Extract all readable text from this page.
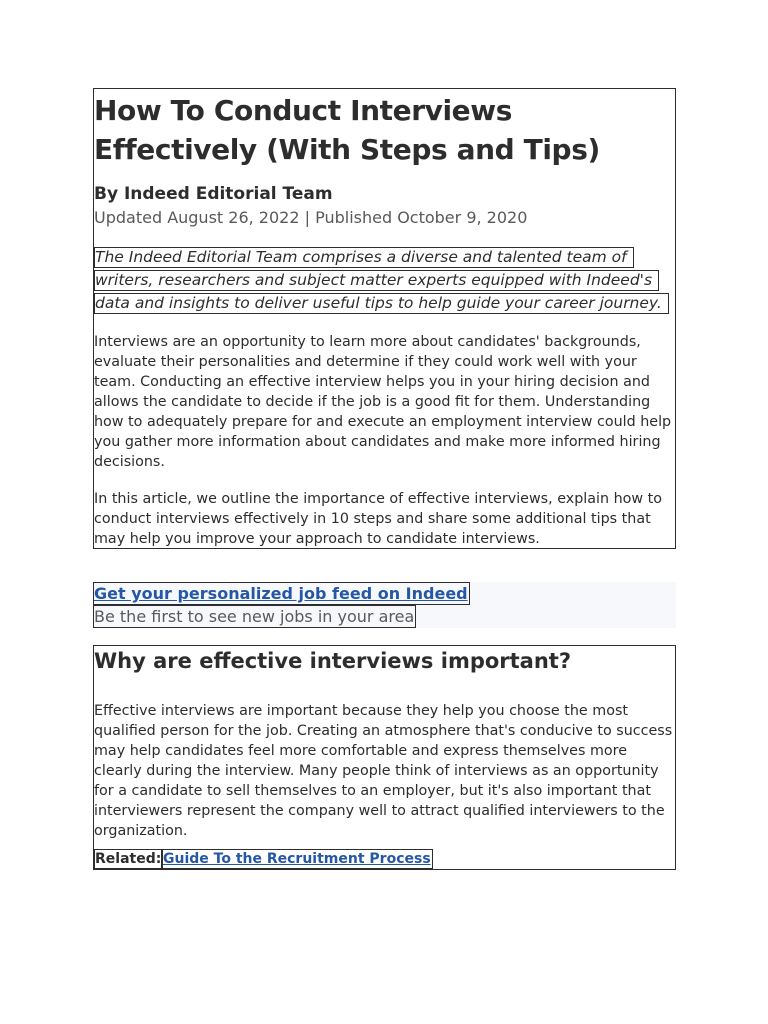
How To Conduct Interviews Effectively (With Steps and Tips)

By Indeed Editorial Team

Updated August 26, 2022 | Published October 9, 2020

The Indeed Editorial Team comprises a diverse and talented team of writers, researchers and subject matter experts equipped with Indeed's data and insights to deliver useful tips to help guide your career journey.

Interviews are an opportunity to learn more about candidates' backgrounds, evaluate their personalities and determine if they could work well with your team. Conducting an effective interview helps you in your hiring decision and allows the candidate to decide if the job is a good fit for them. Understanding how to adequately prepare for and execute an employment interview could help you gather more information about candidates and make more informed hiring decisions.

In this article, we outline the importance of effective interviews, explain how to conduct interviews effectively in 10 steps and share some additional tips that may help you improve your approach to candidate interviews.

Get your personalized job feed on Indeed
Be the first to see new jobs in your area
Why are effective interviews important?

Effective interviews are important because they help you choose the most qualified person for the job. Creating an atmosphere that's conducive to success may help candidates feel more comfortable and express themselves more clearly during the interview. Many people think of interviews as an opportunity for a candidate to sell themselves to an employer, but it's also important that interviewers represent the company well to attract qualified interviewers to the organization.

Related: Guide To the Recruitment Process
